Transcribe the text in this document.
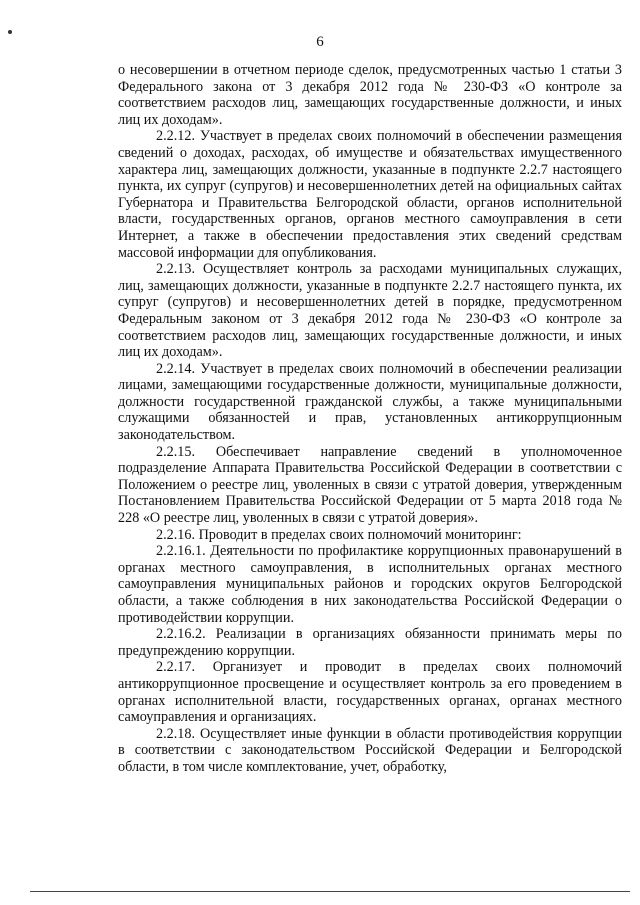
6

о несовершении в отчетном периоде сделок, предусмотренных частью 1 статьи 3 Федерального закона от 3 декабря 2012 года № 230-ФЗ «О контроле за соответствием расходов лиц, замещающих государственные должности, и иных лиц их доходам».

2.2.12. Участвует в пределах своих полномочий в обеспечении размещения сведений о доходах, расходах, об имуществе и обязательствах имущественного характера лиц, замещающих должности, указанные в подпункте 2.2.7 настоящего пункта, их супруг (супругов) и несовершеннолетних детей на официальных сайтах Губернатора и Правительства Белгородской области, органов исполнительной власти, государственных органов, органов местного самоуправления в сети Интернет, а также в обеспечении предоставления этих сведений средствам массовой информации для опубликования.

2.2.13. Осуществляет контроль за расходами муниципальных служащих, лиц, замещающих должности, указанные в подпункте 2.2.7 настоящего пункта, их супруг (супругов) и несовершеннолетних детей в порядке, предусмотренном Федеральным законом от 3 декабря 2012 года № 230-ФЗ «О контроле за соответствием расходов лиц, замещающих государственные должности, и иных лиц их доходам».

2.2.14. Участвует в пределах своих полномочий в обеспечении реализации лицами, замещающими государственные должности, муниципальные должности, должности государственной гражданской службы, а также муниципальными служащими обязанностей и прав, установленных антикоррупционным законодательством.

2.2.15. Обеспечивает направление сведений в уполномоченное подразделение Аппарата Правительства Российской Федерации в соответствии с Положением о реестре лиц, уволенных в связи с утратой доверия, утвержденным Постановлением Правительства Российской Федерации от 5 марта 2018 года № 228 «О реестре лиц, уволенных в связи с утратой доверия».

2.2.16. Проводит в пределах своих полномочий мониторинг:

2.2.16.1. Деятельности по профилактике коррупционных правонарушений в органах местного самоуправления, в исполнительных органах местного самоуправления муниципальных районов и городских округов Белгородской области, а также соблюдения в них законодательства Российской Федерации о противодействии коррупции.

2.2.16.2. Реализации в организациях обязанности принимать меры по предупреждению коррупции.

2.2.17. Организует и проводит в пределах своих полномочий антикоррупционное просвещение и осуществляет контроль за его проведением в органах исполнительной власти, государственных органах, органах местного самоуправления и организациях.

2.2.18. Осуществляет иные функции в области противодействия коррупции в соответствии с законодательством Российской Федерации и Белгородской области, в том числе комплектование, учет, обработку,
